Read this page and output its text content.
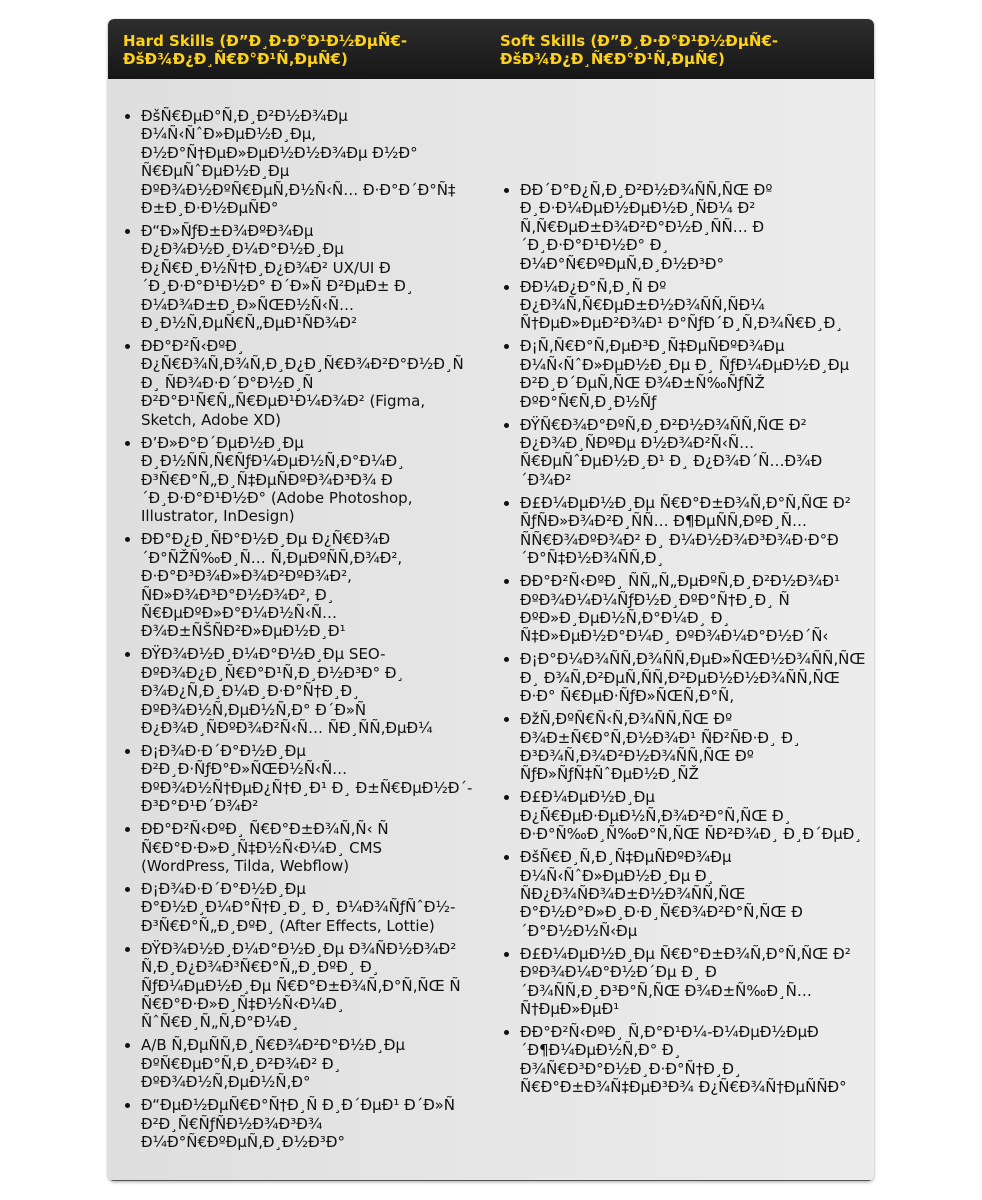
Hard Skills (Ð”Ð¸Ð·Ð°Ð¹Ð½ÐµÑ€-ÐšÐ¾Ð¿Ð¸Ñ€Ð°Ð¹Ñ‚ÐµÑ€)
Soft Skills (Ð”Ð¸Ð·Ð°Ð¹Ð½ÐµÑ€-ÐšÐ¾Ð¿Ð¸Ñ€Ð°Ð¹Ñ‚ÐµÑ€)
ÐšÑ€ÐµÐ°Ñ‚Ð¸Ð²Ð½Ð¾Ðµ Ð¼Ñ‹ÑˆÐ»ÐµÐ½Ð¸Ðµ, Ð½Ð°Ñ†ÐµÐ»ÐµÐ½Ð½Ð¾Ðµ Ð½Ð° Ñ€ÐµÑˆÐµÐ½Ð¸Ðµ ÐºÐ¾Ð½ÐºÑ€ÐµÑ‚Ð½Ñ‹Ñ… Ð·Ð°Ð´Ð°Ñ‡ Ð±Ð¸Ð·Ð½ÐµÑÐ°
Ð“Ð»ÑƒÐ±Ð¾ÐºÐ¾Ðµ Ð¿Ð¾Ð½Ð¸Ð¼Ð°Ð½Ð¸Ðµ Ð¿Ñ€Ð¸Ð½Ñ†Ð¸Ð¿Ð¾Ð² UX/UI Ð´Ð¸Ð·Ð°Ð¹Ð½Ð° Ð´Ð»Ñ Ð²ÐµÐ± Ð¸ Ð¼Ð¾Ð±Ð¸Ð»ÑŒÐ½Ñ‹Ñ… Ð¸Ð½Ñ‚ÐµÑ€Ñ„ÐµÐ¹ÑÐ¾Ð²
ÐÐ°Ð²Ñ‹ÐºÐ¸ Ð¿Ñ€Ð¾Ñ‚Ð¾Ñ‚Ð¸Ð¿Ð¸Ñ€Ð¾Ð²Ð°Ð½Ð¸Ñ Ð¸ ÑÐ¾Ð·Ð´Ð°Ð½Ð¸Ñ Ð²Ð°Ð¹Ñ€Ñ„Ñ€ÐµÐ¹Ð¼Ð¾Ð² (Figma, Sketch, Adobe XD)
Ð’Ð»Ð°Ð´ÐµÐ½Ð¸Ðµ Ð¸Ð½ÑÑ‚Ñ€ÑƒÐ¼ÐµÐ½Ñ‚Ð°Ð¼Ð¸ Ð³Ñ€Ð°Ñ„Ð¸Ñ‡ÐµÑÐºÐ¾Ð³Ð¾ Ð´Ð¸Ð·Ð°Ð¹Ð½Ð° (Adobe Photoshop, Illustrator, InDesign)
ÐÐ°Ð¿Ð¸ÑÐ°Ð½Ð¸Ðµ Ð¿Ñ€Ð¾Ð´Ð°ÑŽÑ‰Ð¸Ñ… Ñ‚ÐµÐºÑÑ‚Ð¾Ð², Ð·Ð°Ð³Ð¾Ð»Ð¾Ð²ÐºÐ¾Ð², ÑÐ»Ð¾Ð³Ð°Ð½Ð¾Ð², Ð¸ Ñ€ÐµÐºÐ»Ð°Ð¼Ð½Ñ‹Ñ… Ð¾Ð±ÑŠÑÐ²Ð»ÐµÐ½Ð¸Ð¹
ÐŸÐ¾Ð½Ð¸Ð¼Ð°Ð½Ð¸Ðµ SEO-ÐºÐ¾Ð¿Ð¸Ñ€Ð°Ð¹Ñ‚Ð¸Ð½Ð³Ð° Ð¸ Ð¾Ð¿Ñ‚Ð¸Ð¼Ð¸Ð·Ð°Ñ†Ð¸Ð¸ ÐºÐ¾Ð½Ñ‚ÐµÐ½Ñ‚Ð° Ð´Ð»Ñ Ð¿Ð¾Ð¸ÑÐºÐ¾Ð²Ñ‹Ñ… ÑÐ¸ÑÑ‚ÐµÐ¼
Ð¡Ð¾Ð·Ð´Ð°Ð½Ð¸Ðµ Ð²Ð¸Ð·ÑƒÐ°Ð»ÑŒÐ½Ñ‹Ñ… ÐºÐ¾Ð½Ñ†ÐµÐ¿Ñ†Ð¸Ð¹ Ð¸ Ð±Ñ€ÐµÐ½Ð´-Ð³Ð°Ð¹Ð´Ð¾Ð²
ÐÐ°Ð²Ñ‹ÐºÐ¸ Ñ€Ð°Ð±Ð¾Ñ‚Ñ‹ Ñ Ñ€Ð°Ð·Ð»Ð¸Ñ‡Ð½Ñ‹Ð¼Ð¸ CMS (WordPress, Tilda, Webflow)
Ð¡Ð¾Ð·Ð´Ð°Ð½Ð¸Ðµ Ð°Ð½Ð¸Ð¼Ð°Ñ†Ð¸Ð¸ Ð¸ Ð¼Ð¾ÑƒÑˆÐ½-Ð³Ñ€Ð°Ñ„Ð¸ÐºÐ¸ (After Effects, Lottie)
ÐŸÐ¾Ð½Ð¸Ð¼Ð°Ð½Ð¸Ðµ Ð¾ÑÐ½Ð¾Ð² Ñ‚Ð¸Ð¿Ð¾Ð³Ñ€Ð°Ñ„Ð¸ÐºÐ¸ Ð¸ ÑƒÐ¼ÐµÐ½Ð¸Ðµ Ñ€Ð°Ð±Ð¾Ñ‚Ð°Ñ‚ÑŒ Ñ Ñ€Ð°Ð·Ð»Ð¸Ñ‡Ð½Ñ‹Ð¼Ð¸ ÑˆÑ€Ð¸Ñ„Ñ‚Ð°Ð¼Ð¸
A/B Ñ‚ÐµÑÑ‚Ð¸Ñ€Ð¾Ð²Ð°Ð½Ð¸Ðµ ÐºÑ€ÐµÐ°Ñ‚Ð¸Ð²Ð¾Ð² Ð¸ ÐºÐ¾Ð½Ñ‚ÐµÐ½Ñ‚Ð°
Ð“ÐµÐ½ÐµÑ€Ð°Ñ†Ð¸Ñ Ð¸Ð´ÐµÐ¹ Ð´Ð»Ñ Ð²Ð¸Ñ€ÑƒÑÐ½Ð¾Ð³Ð¾ Ð¼Ð°Ñ€ÐºÐµÑ‚Ð¸Ð½Ð³Ð°
ÐÐ´Ð°Ð¿Ñ‚Ð¸Ð²Ð½Ð¾ÑÑ‚ÑŒ Ðº Ð¸Ð·Ð¼ÐµÐ½ÐµÐ½Ð¸ÑÐ¼ Ð² Ñ‚Ñ€ÐµÐ±Ð¾Ð²Ð°Ð½Ð¸ÑÑ… Ð´Ð¸Ð·Ð°Ð¹Ð½Ð° Ð¸ Ð¼Ð°Ñ€ÐºÐµÑ‚Ð¸Ð½Ð³Ð°
ÐÐ¼Ð¿Ð°Ñ‚Ð¸Ñ Ðº Ð¿Ð¾Ñ‚Ñ€ÐµÐ±Ð½Ð¾ÑÑ‚ÑÐ¼ Ñ†ÐµÐ»ÐµÐ²Ð¾Ð¹ Ð°ÑƒÐ´Ð¸Ñ‚Ð¾Ñ€Ð¸Ð¸
Ð¡Ñ‚Ñ€Ð°Ñ‚ÐµÐ³Ð¸Ñ‡ÐµÑÐºÐ¾Ðµ Ð¼Ñ‹ÑˆÐ»ÐµÐ½Ð¸Ðµ Ð¸ ÑƒÐ¼ÐµÐ½Ð¸Ðµ Ð²Ð¸Ð´ÐµÑ‚ÑŒ Ð¾Ð±Ñ‰ÑƒÑŽ ÐºÐ°Ñ€Ñ‚Ð¸Ð½Ñƒ
ÐŸÑ€Ð¾Ð°ÐºÑ‚Ð¸Ð²Ð½Ð¾ÑÑ‚ÑŒ Ð² Ð¿Ð¾Ð¸ÑÐºÐµ Ð½Ð¾Ð²Ñ‹Ñ… Ñ€ÐµÑˆÐµÐ½Ð¸Ð¹ Ð¸ Ð¿Ð¾Ð´Ñ…Ð¾Ð´Ð¾Ð²
Ð£Ð¼ÐµÐ½Ð¸Ðµ Ñ€Ð°Ð±Ð¾Ñ‚Ð°Ñ‚ÑŒ Ð² ÑƒÑÐ»Ð¾Ð²Ð¸ÑÑ… Ð¶ÐµÑÑ‚ÐºÐ¸Ñ… ÑÑ€Ð¾ÐºÐ¾Ð² Ð¸ Ð¼Ð½Ð¾Ð³Ð¾Ð·Ð°Ð´Ð°Ñ‡Ð½Ð¾ÑÑ‚Ð¸
ÐÐ°Ð²Ñ‹ÐºÐ¸ ÑÑ„Ñ„ÐµÐºÑ‚Ð¸Ð²Ð½Ð¾Ð¹ ÐºÐ¾Ð¼Ð¼ÑƒÐ½Ð¸ÐºÐ°Ñ†Ð¸Ð¸ Ñ ÐºÐ»Ð¸ÐµÐ½Ñ‚Ð°Ð¼Ð¸ Ð¸ Ñ‡Ð»ÐµÐ½Ð°Ð¼Ð¸ ÐºÐ¾Ð¼Ð°Ð½Ð´Ñ‹
Ð¡Ð°Ð¼Ð¾ÑÑ‚Ð¾ÑÑ‚ÐµÐ»ÑŒÐ½Ð¾ÑÑ‚ÑŒ Ð¸ Ð¾Ñ‚Ð²ÐµÑ‚ÑÑ‚Ð²ÐµÐ½Ð½Ð¾ÑÑ‚ÑŒ Ð·Ð° Ñ€ÐµÐ·ÑƒÐ»ÑŒÑ‚Ð°Ñ‚
ÐžÑ‚ÐºÑ€Ñ‹Ñ‚Ð¾ÑÑ‚ÑŒ Ðº Ð¾Ð±Ñ€Ð°Ñ‚Ð½Ð¾Ð¹ ÑÐ²ÑÐ·Ð¸ Ð¸ Ð³Ð¾Ñ‚Ð¾Ð²Ð½Ð¾ÑÑ‚ÑŒ Ðº ÑƒÐ»ÑƒÑ‡ÑˆÐµÐ½Ð¸ÑŽ
Ð£Ð¼ÐµÐ½Ð¸Ðµ Ð¿Ñ€ÐµÐ·ÐµÐ½Ñ‚Ð¾Ð²Ð°Ñ‚ÑŒ Ð¸ Ð·Ð°Ñ‰Ð¸Ñ‰Ð°Ñ‚ÑŒ ÑÐ²Ð¾Ð¸ Ð¸Ð´ÐµÐ¸
ÐšÑ€Ð¸Ñ‚Ð¸Ñ‡ÐµÑÐºÐ¾Ðµ Ð¼Ñ‹ÑˆÐ»ÐµÐ½Ð¸Ðµ Ð¸ ÑÐ¿Ð¾ÑÐ¾Ð±Ð½Ð¾ÑÑ‚ÑŒ Ð°Ð½Ð°Ð»Ð¸Ð·Ð¸Ñ€Ð¾Ð²Ð°Ñ‚ÑŒ Ð´Ð°Ð½Ð½Ñ‹Ðµ
Ð£Ð¼ÐµÐ½Ð¸Ðµ Ñ€Ð°Ð±Ð¾Ñ‚Ð°Ñ‚ÑŒ Ð² ÐºÐ¾Ð¼Ð°Ð½Ð´Ðµ Ð¸ Ð´Ð¾ÑÑ‚Ð¸Ð³Ð°Ñ‚ÑŒ Ð¾Ð±Ñ‰Ð¸Ñ… Ñ†ÐµÐ»ÐµÐ¹
ÐÐ°Ð²Ñ‹ÐºÐ¸ Ñ‚Ð°Ð¹Ð¼-Ð¼ÐµÐ½ÐµÐ´Ð¶Ð¼ÐµÐ½Ñ‚Ð° Ð¸ Ð¾Ñ€Ð³Ð°Ð½Ð¸Ð·Ð°Ñ†Ð¸Ð¸ Ñ€Ð°Ð±Ð¾Ñ‡ÐµÐ³Ð¾ Ð¿Ñ€Ð¾Ñ†ÐµÑÑÐ°
